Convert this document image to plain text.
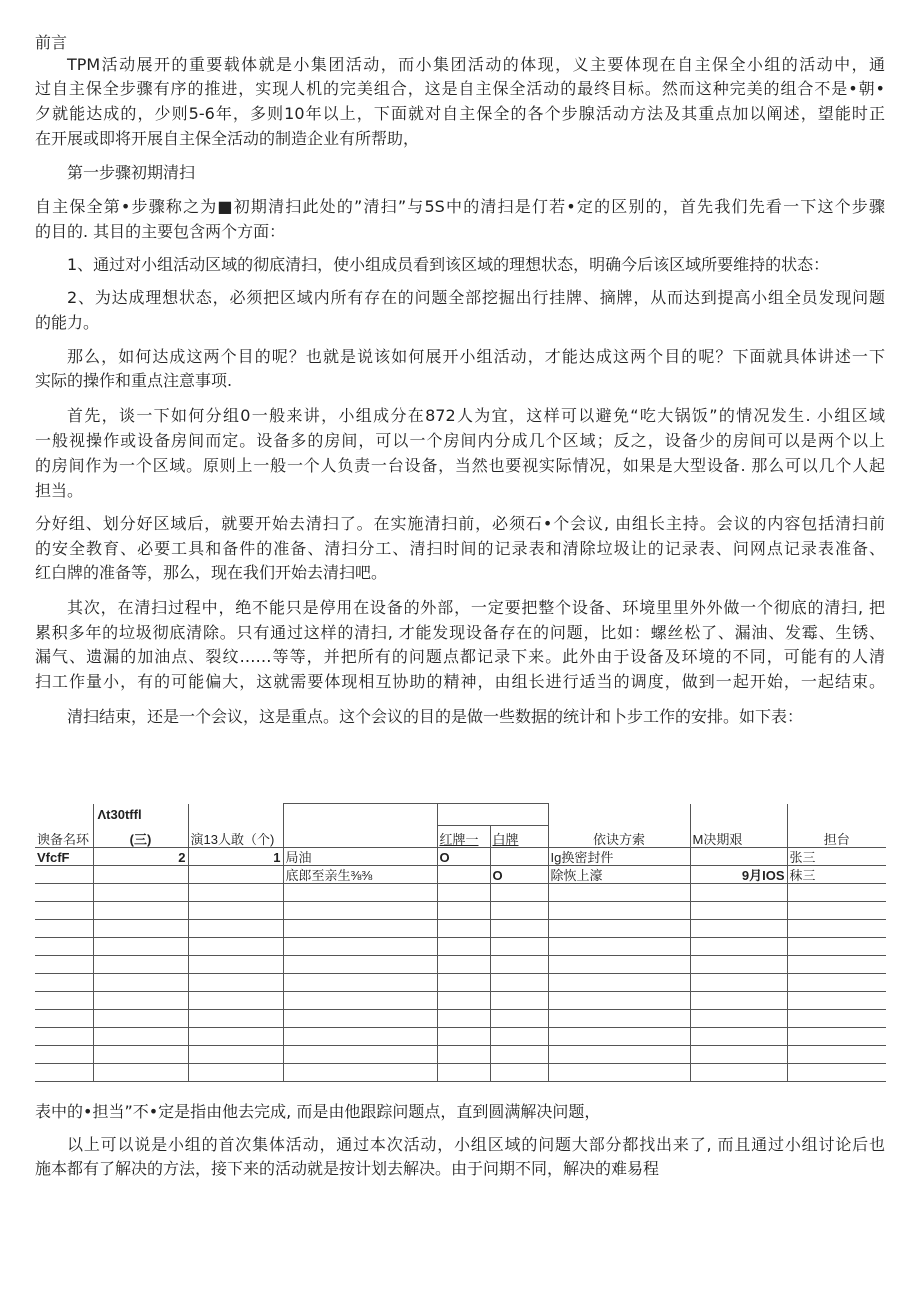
前言
TPM活动展开的重要载体就是小集团活动，而小集团活动的体现，义主要体现在自主保全小组的活动中，通
过自主保全步骤有序的推进，实现人机的完美组合，这是自主保全活动的最终目标。然而这种完美的组合不是•朝•
夕就能达成的，少则5-6年，多则10年以上，下面就对自主保全的各个步腺活动方法及其重点加以阐述，望能时正
在开展或即将开展自主保全活动的制造企业有所帮助，
第一步骤初期清扫
自主保全第•步骤称之为■初期清扫此处的”清扫”与5S中的清扫是仃若•定的区别的，首先我们先看一下这个步骤
的目的. 其目的主要包含两个方面：
1、通过对小组活动区域的彻底清扫，使小组成员看到该区域的理想状态，明确今后该区域所要维持的状态：
2、为达成理想状态，必须把区域内所有存在的问题全部挖掘出行挂牌、摘牌，从而达到提高小组全员发现问题
的能力。
那么，如何达成这两个目的呢？也就是说该如何展开小组活动，才能达成这两个目的呢？下面就具体讲述一下
实际的操作和重点注意事项.
首先，谈一下如何分组0一般来讲，小组成分在872人为宜，这样可以避免“吃大锅饭”的情况发生. 小组区域
一般视操作或设备房间而定。设备多的房间，可以一个房间内分成几个区域；反之，设备少的房间可以是两个以上
的房间作为一个区域。原则上一般一个人负责一台设备，当然也要视实际情况，如果是大型设备. 那么可以几个人起
担当。
分好组、划分好区域后，就要开始去清扫了。在实施清扫前，必须石•个会议, 由组长主持。会议的内容包括清扫前
的安全教育、必要工具和备件的准备、清扫分工、清扫时间的记录表和清除垃圾让的记录表、问网点记录表准备、
红白牌的准备等，那么，现在我们开始去清扫吧。
其次，在清扫过程中，绝不能只是停用在设备的外部，一定要把整个设备、环境里里外外做一个彻底的清扫, 把
累积多年的垃圾彻底清除。只有通过这样的清扫, 才能发现设备存在的问题，比如：螺丝松了、漏油、发霉、生锈、
漏气、遗漏的加油点、裂纹……等等，并把所有的问题点都记录下来。此外由于设备及环境的不同，可能有的人清
扫工作量小，有的可能偏大，这就需要体现相互协助的精神，由组长进行适当的调度，做到一起开始，一起结束。
清扫结束，还是一个会议，这是重点。这个会议的目的是做一些数据的统计和卜步工作的安排。如下表：
谀备名环	Λt30tffl
(三)	演13人敢（个)				依诀方索	M决期艰	担台
				红牌一	白牌			
VfcfF	2	1	局油	O		Ig换密封件		张三
			底郎至亲生⅜⅜		O	除恢上濠	9月IOS	秣三

表中的•担当”不•定是指由他去完成, 而是由他跟踪问题点，直到圆满解决问题，
以上可以说是小组的首次集体活动，通过本次活动，小组区域的问题大部分都找出来了, 而且通过小组讨论后也
施本都有了解决的方法，接下来的活动就是按计划去解决。由于问期不同，解决的难易程
